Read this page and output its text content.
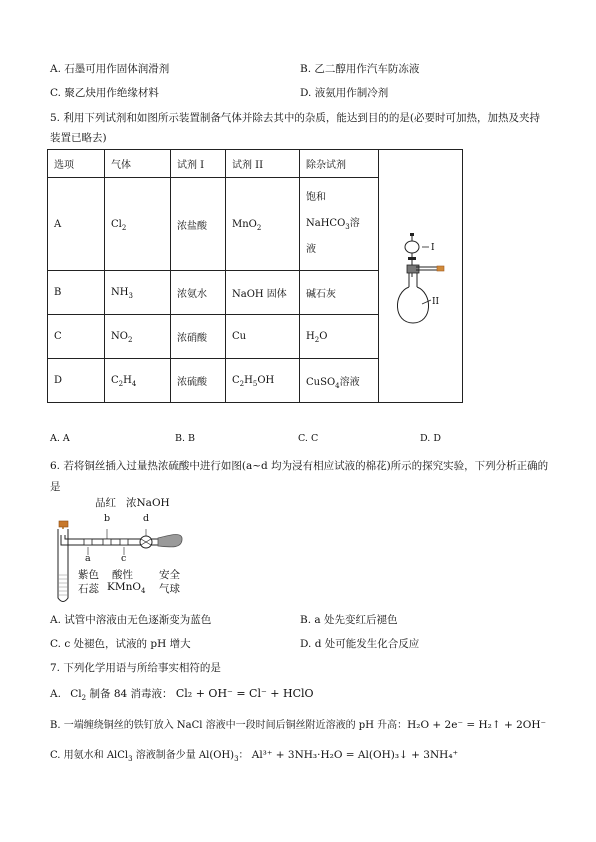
A. 石墨可用作固体润滑剂	B. 乙二醇用作汽车防冻液
C. 聚乙炔用作绝缘材料	D. 液氨用作制冷剂
5. 利用下列试剂和如图所示装置制备气体并除去其中的杂质，能达到目的的是(必要时可加热，加热及夹持
装置已略去)
选项	气体	试剂 I	试剂 II	除杂试剂	I
II

A	$Cl_2$	浓盐酸	MnO$_2$	饱和
NaHCO$_3$溶
液	

B	$NH_3$	浓氨水	NaOH 固体	碱石灰	
C	$NO_2$	浓硝酸	Cu	$H_2O$	
D	$C_2H_4$	浓硫酸	$C_2H_5OH$	CuSO$_4$溶液	
A. A	B. B	C. C	D. D
6. 若将铜丝插入过量热浓硫酸中进行如图(a~d 均为浸有相应试液的棉花)所示的探究实验，下列分析正确的
是
品红 浓NaOH
b	d
a	c
紫色
石蕊
酸性
KMnO$_4$
安全
气球
A. 试管中溶液由无色逐渐变为蓝色	B. a 处先变红后褪色
C. c 处褪色，试液的 pH 增大	D. d 处可能发生化合反应
7. 下列化学用语与所给事实相符的是
A. $Cl_2$ 制备 84 消毒液： Cl₂ + OH⁻ = Cl⁻ + HClO
B. 一端缠绕铜丝的铁钉放入 NaCl 溶液中一段时间后铜丝附近溶液的 pH 升高：H₂O + 2e⁻ = H₂↑ + 2OH⁻
C. 用氨水和 AlCl$_3$ 溶液制备少量 $Al(OH)_3$： Al³⁺ + 3NH₃·H₂O = Al(OH)₃↓ + 3NH₄⁺
